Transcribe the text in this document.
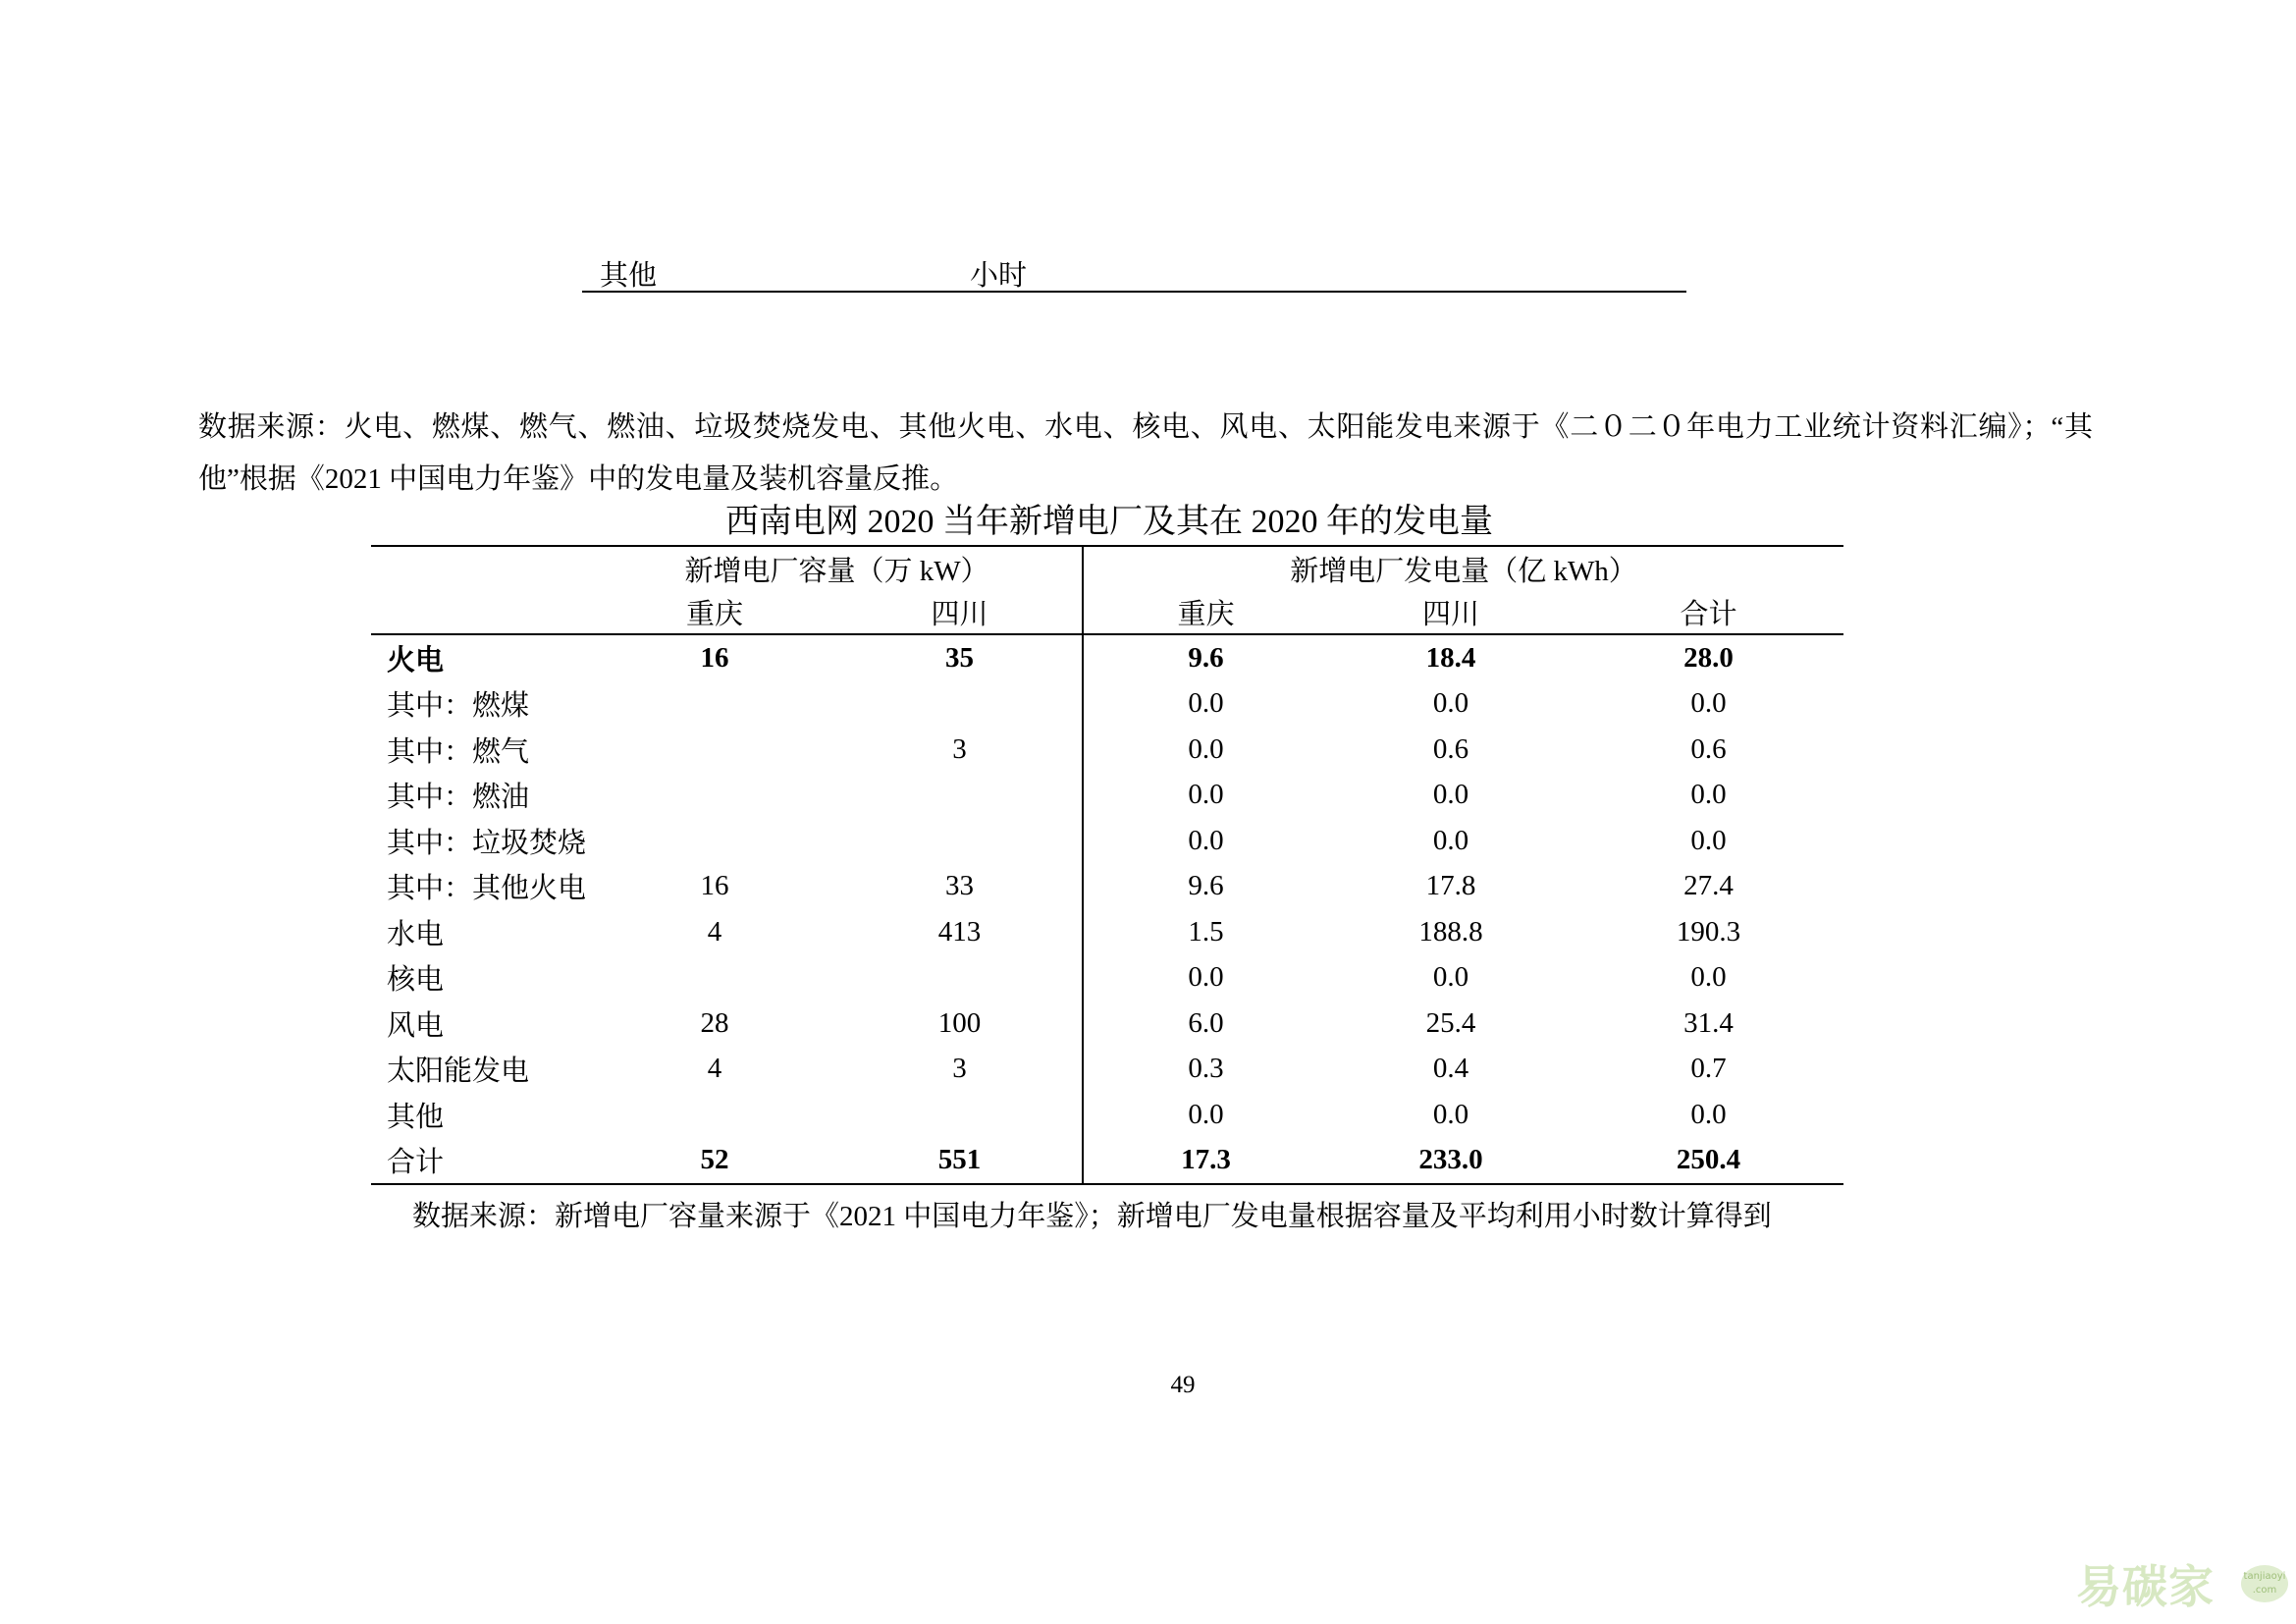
其他	小时

数据来源：火电、燃煤、燃气、燃油、垃圾焚烧发电、其他火电、水电、核电、风电、太阳能发电来源于《二０二０年电力工业统计资料汇编》；“其他”根据《2021 中国电力年鉴》中的发电量及装机容量反推。

西南电网 2020 当年新增电厂及其在 2020 年的发电量
	新增电厂容量（万 kW）		新增电厂发电量（亿 kWh）		
	重庆	四川	重庆	四川	合计
火电	16	35	9.6	18.4	28.0
其中：燃煤			0.0	0.0	0.0
其中：燃气		3	0.0	0.6	0.6
其中：燃油			0.0	0.0	0.0
其中：垃圾焚烧			0.0	0.0	0.0
其中：其他火电	16	33	9.6	17.8	27.4
水电	4	413	1.5	188.8	190.3
核电			0.0	0.0	0.0
风电	28	100	6.0	25.4	31.4
太阳能发电	4	3	0.3	0.4	0.7
其他			0.0	0.0	0.0
合计	52	551	17.3	233.0	250.4
数据来源：新增电厂容量来源于《2021 中国电力年鉴》；新增电厂发电量根据容量及平均利用小时数计算得到
49
易碳家	tanjiaoyi .com
